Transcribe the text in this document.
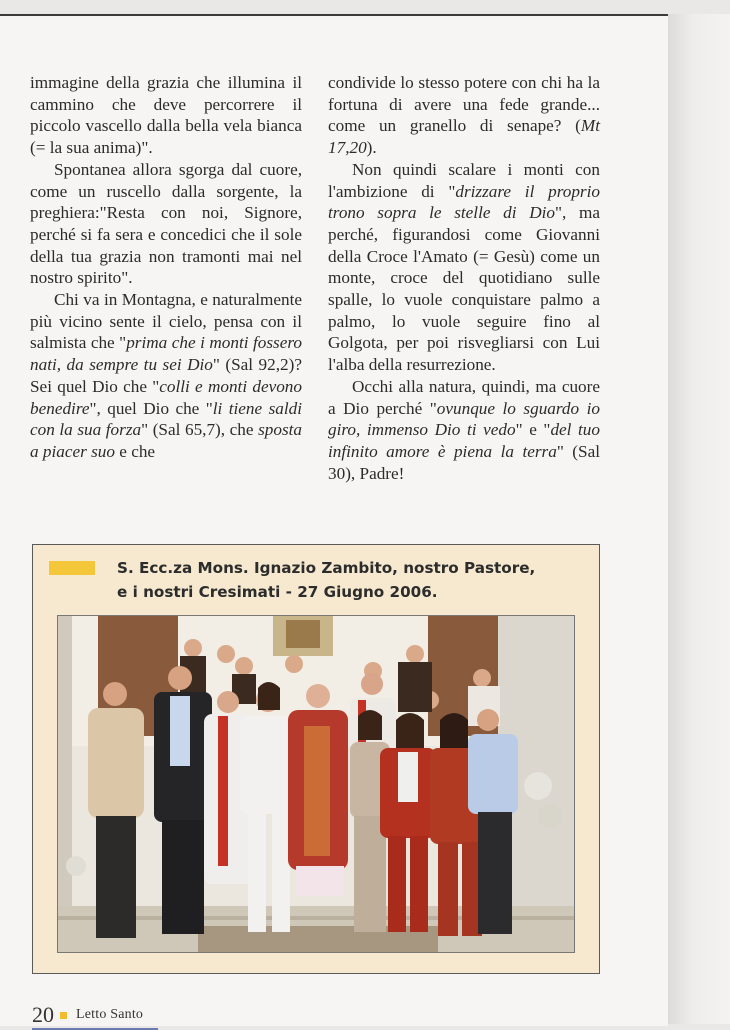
immagine della grazia che illumina il cammino che deve percorrere il piccolo vascello dalla bella vela bianca (= la sua anima)".

Spontanea allora sgorga dal cuore, come un ruscello dalla sorgente, la preghiera:"Resta con noi, Signore, perché si fa sera e concedici che il sole della tua grazia non tramonti mai nel nostro spirito".

Chi va in Montagna, e naturalmente più vicino sente il cielo, pensa con il salmista che "prima che i monti fossero nati, da sempre tu sei Dio" (Sal 92,2)? Sei quel Dio che "colli e monti devono benedire", quel Dio che "li tiene saldi con la sua forza" (Sal 65,7), che sposta a piacer suo e che

condivide lo stesso potere con chi ha la fortuna di avere una fede grande... come un granello di senape? (Mt 17,20).

Non quindi scalare i monti con l'ambizione di "drizzare il proprio trono sopra le stelle di Dio", ma perché, figurandosi come Giovanni della Croce l'Amato (= Gesù) come un monte, croce del quotidiano sulle spalle, lo vuole conquistare palmo a palmo, lo vuole seguire fino al Golgota, per poi risvegliarsi con Lui l'alba della resurrezione.

Occhi alla natura, quindi, ma cuore a Dio perché "ovunque lo sguardo io giro, immenso Dio ti vedo" e "del tuo infinito amore è piena la terra" (Sal 30), Padre!

S. Ecc.za Mons. Ignazio Zambito, nostro Pastore,
e i nostri Cresimati - 27 Giugno 2006.
20 Letto Santo
